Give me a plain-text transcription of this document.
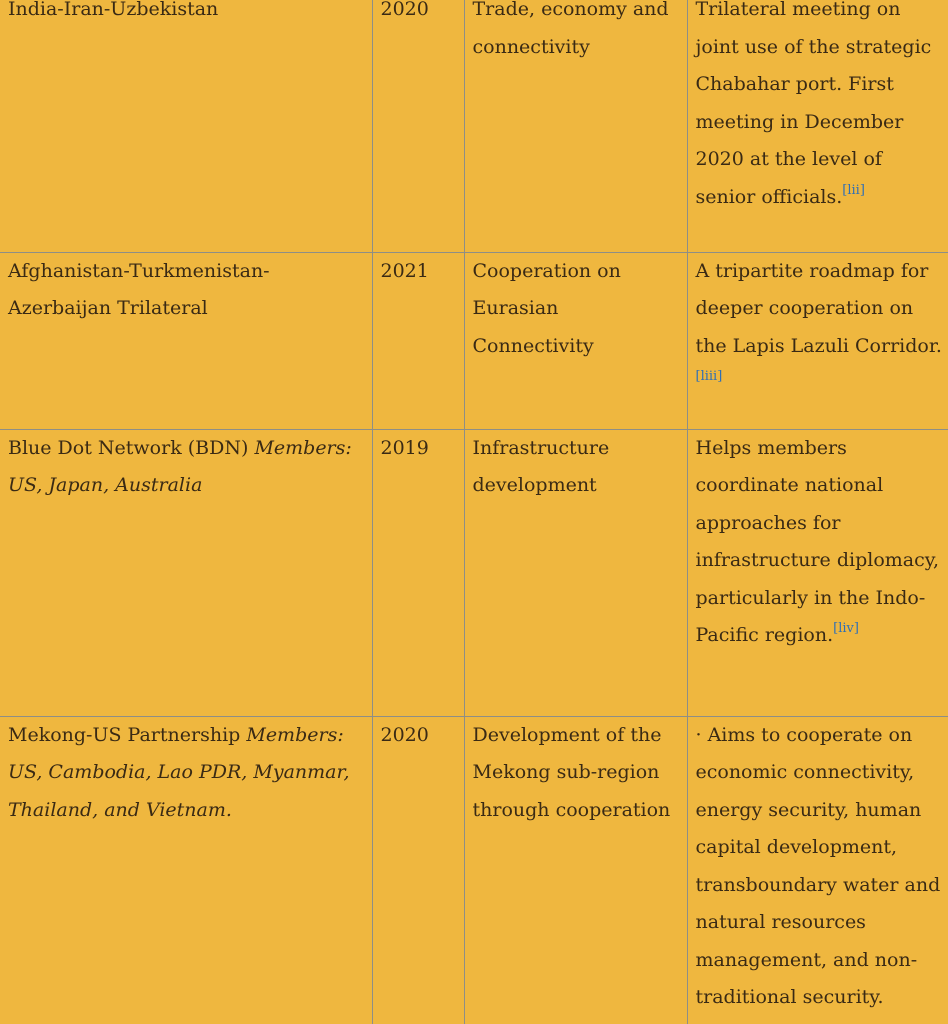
India-Iran-Uzbekistan	2020	Trade, economy and connectivity	Trilateral meeting on joint use of the strategic Chabahar port. First meeting in December 2020 at the level of senior officials.[lii]
Afghanistan-Turkmenistan-Azerbaijan Trilateral	2021	Cooperation on Eurasian Connectivity	A tripartite roadmap for deeper cooperation on the Lapis Lazuli Corridor.[liii]
Blue Dot Network (BDN) Members: US, Japan, Australia	2019	Infrastructure development	Helps members coordinate national approaches for infrastructure diplomacy, particularly in the Indo-Pacific region.[liv]
Mekong-US Partnership Members: US, Cambodia, Lao PDR, Myanmar, Thailand, and Vietnam.	2020	Development of the Mekong sub-region through cooperation	· Aims to cooperate on economic connectivity, energy security, human capital development, transboundary water and natural resources management, and non-traditional security.
